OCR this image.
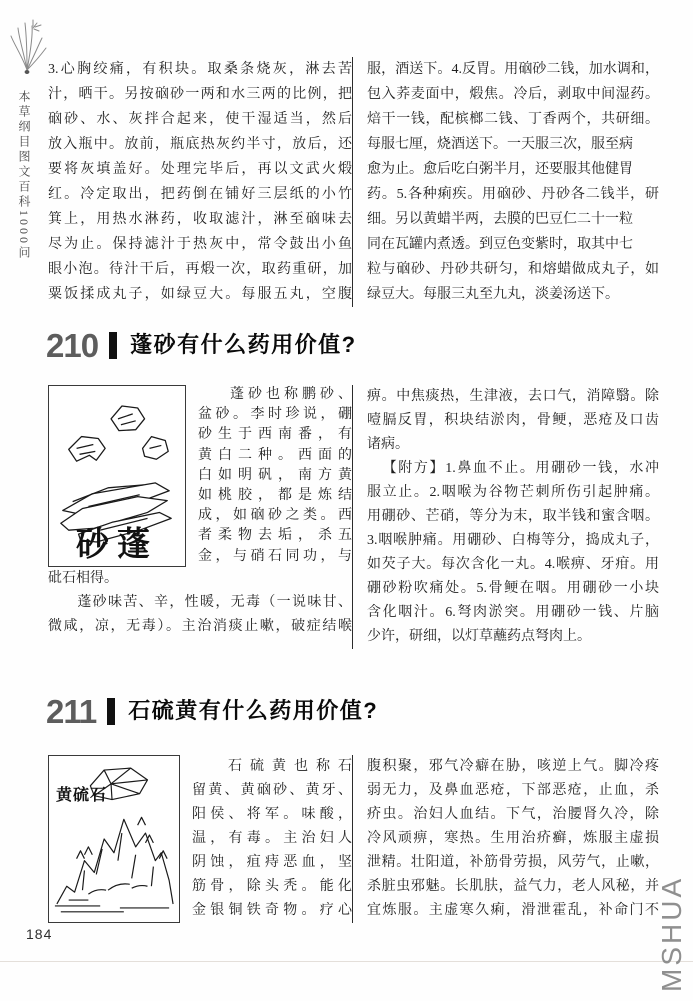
本草纲目图文百科1000问
3.心胸绞痛，有积块。取桑条烧灰，淋去苦
汁，晒干。另按硇砂一两和水三两的比例，把
硇砂、水、灰拌合起来，使干湿适当，然后
放入瓶中。放前，瓶底热灰约半寸，放后，还
要将灰填盖好。处理完毕后，再以文武火煅
红。冷定取出，把药倒在铺好三层纸的小竹
箕上，用热水淋药，收取滤汁，淋至硇味去
尽为止。保持滤汁于热灰中，常令鼓出小鱼
眼小泡。待汁干后，再煅一次，取药重研，加
粟饭揉成丸子，如绿豆大。每服五丸，空腹
服，酒送下。4.反胃。用硇砂二钱，加水调和，
包入荞麦面中，煅焦。冷后，剥取中间湿药。
焙干一钱，配槟榔二钱、丁香两个，共研细。
每服七厘，烧酒送下。一天服三次，服至病
愈为止。愈后吃白粥半月，还要服其他健胃
药。5.各种痢疾。用硇砂、丹砂各二钱半，研
细。另以黄蜡半两，去膜的巴豆仁二十一粒
同在瓦罐内煮透。到豆色变紫时，取其中七
粒与硇砂、丹砂共研匀，和熔蜡做成丸子，如
绿豆大。每服三丸至九丸，淡姜汤送下。
210 蓬砂有什么药用价值?
砂蓬
蓬砂也称鹏砂、
盆砂。李时珍说，硼
砂生于西南番，有
黄白二种。西面的
白如明矾，南方黄
如桃胶，都是炼结
成，如硇砂之类。西
者柔物去垢，杀五
金，与硝石同功，与
砒石相得。
蓬砂味苦、辛，性暖，无毒（一说味甘、
微咸，凉，无毒）。主治消痰止嗽，破症结喉
痹。中焦痰热，生津液，去口气，消障翳。除
噎膈反胃，积块结淤肉，骨鲠，恶疮及口齿
诸病。
【附方】1.鼻血不止。用硼砂一钱，水冲
服立止。2.咽喉为谷物芒刺所伤引起肿痛。
用硼砂、芒硝，等分为末，取半钱和蜜含咽。
3.咽喉肿痛。用硼砂、白梅等分，捣成丸子，
如芡子大。每次含化一丸。4.喉痹、牙疳。用
硼砂粉吹痛处。5.骨鲠在咽。用硼砂一小块
含化咽汁。6.弩肉淤突。用硼砂一钱、片脑
少许，研细，以灯草蘸药点弩肉上。
211 石硫黄有什么药用价值?
黄硫石
石硫黄也称石
留黄、黄硇砂、黄牙、
阳侯、将军。味酸，
温，有毒。主治妇人
阴蚀，疽痔恶血，坚
筋骨，除头秃。能化
金银铜铁奇物。疗心
腹积聚，邪气冷癖在胁，咳逆上气。脚冷疼
弱无力，及鼻血恶疮，下部恶疮，止血，杀
疥虫。治妇人血结。下气，治腰肾久冷，除
冷风顽痹，寒热。生用治疥癣，炼服主虚损
泄精。壮阳道，补筋骨劳损，风劳气，止嗽，
杀脏虫邪魅。长肌肤，益气力，老人风秘，并
宜炼服。主虚寒久痢，滑泄霍乱，补命门不
184	MSHUA
